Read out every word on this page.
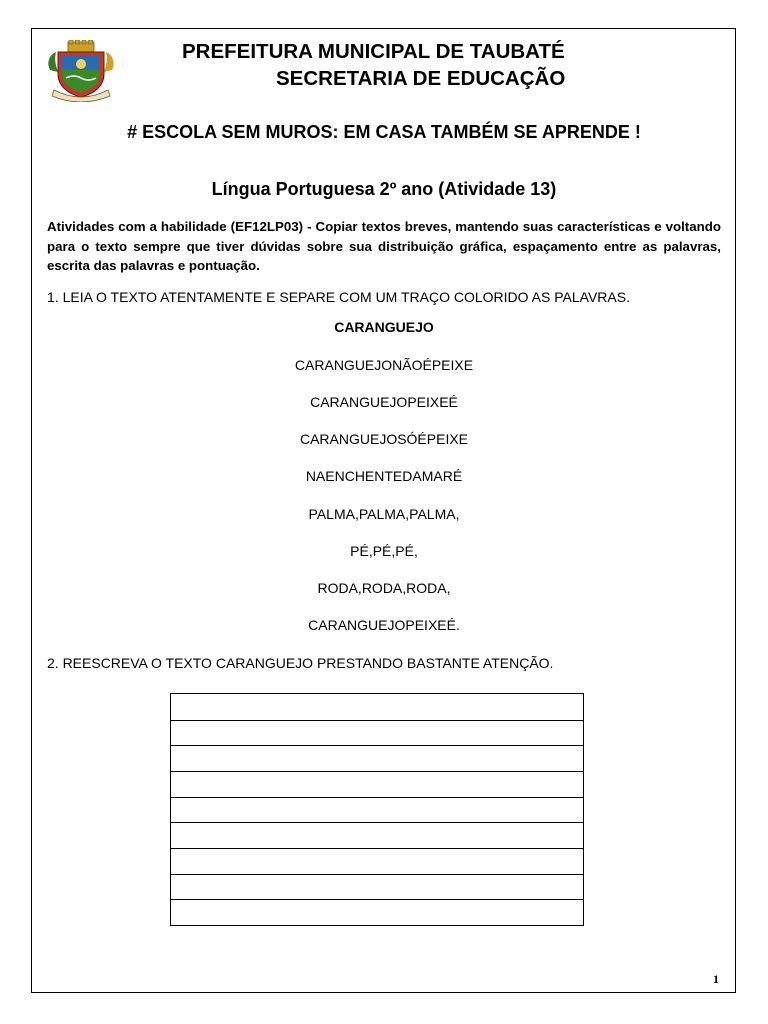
PREFEITURA MUNICIPAL DE TAUBATÉ
SECRETARIA DE EDUCAÇÃO
# ESCOLA SEM MUROS: EM CASA TAMBÉM SE APRENDE !
Língua Portuguesa 2º ano (Atividade 13)
Atividades com a habilidade (EF12LP03) - Copiar textos breves, mantendo suas características e voltando para o texto sempre que tiver dúvidas sobre sua distribuição gráfica, espaçamento entre as palavras, escrita das palavras e pontuação.
1. LEIA O TEXTO ATENTAMENTE E SEPARE COM UM TRAÇO COLORIDO AS PALAVRAS.
CARANGUEJO
CARANGUEJONÃOÉPEIXE
CARANGUEJOPEIXEÉ
CARANGUEJOSÓÉPEIXE
NAENCHENTEDAMARÉ
PALMA,PALMA,PALMA,
PÉ,PÉ,PÉ,
RODA,RODA,RODA,
CARANGUEJOPEIXEÉ.
2. REESCREVA O TEXTO CARANGUEJO PRESTANDO BASTANTE ATENÇÃO.
1
